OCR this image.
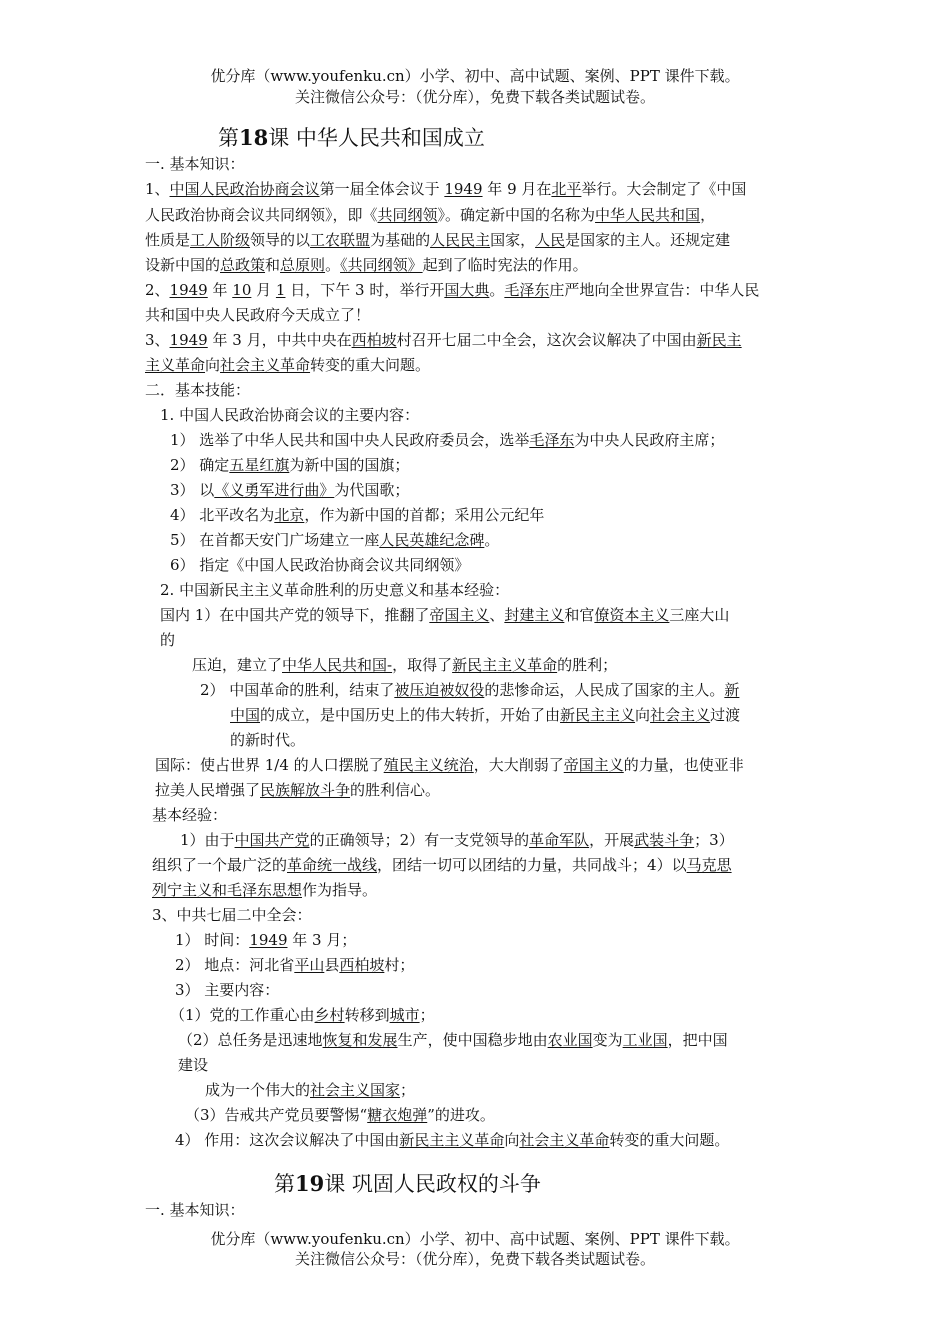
优分库（www.youfenku.cn）小学、初中、高中试题、案例、PPT 课件下载。
关注微信公众号：（优分库），免费下载各类试题试卷。
第18课 中华人民共和国成立
一. 基本知识：
1、中国人民政治协商会议第一届全体会议于 1949 年 9 月在北平举行。大会制定了《中国
人民政治协商会议共同纲领》，即《共同纲领》。确定新中国的名称为中华人民共和国，
性质是工人阶级领导的以工农联盟为基础的人民民主国家，人民是国家的主人。还规定建
设新中国的总政策和总原则。《共同纲领》起到了临时宪法的作用。
2、1949 年 10 月 1 日，下午 3 时，举行开国大典。毛泽东庄严地向全世界宣告：中华人民
共和国中央人民政府今天成立了！
3、1949 年 3 月，中共中央在西柏坡村召开七届二中全会，这次会议解决了中国由新民主
主义革命向社会主义革命转变的重大问题。
二．基本技能：
1. 中国人民政治协商会议的主要内容：
1） 选举了中华人民共和国中央人民政府委员会，选举毛泽东为中央人民政府主席；
2） 确定五星红旗为新中国的国旗；
3） 以《义勇军进行曲》为代国歌；
4） 北平改名为北京，作为新中国的首都；采用公元纪年
5） 在首都天安门广场建立一座人民英雄纪念碑。
6） 指定《中国人民政治协商会议共同纲领》
2. 中国新民主主义革命胜利的历史意义和基本经验：
国内 1）在中国共产党的领导下，推翻了帝国主义、封建主义和官僚资本主义三座大山
的
压迫，建立了中华人民共和国-，取得了新民主主义革命的胜利；
2） 中国革命的胜利，结束了被压迫被奴役的悲惨命运，人民成了国家的主人。新
中国的成立，是中国历史上的伟大转折，开始了由新民主主义向社会主义过渡
的新时代。
国际：使占世界 1/4 的人口摆脱了殖民主义统治，大大削弱了帝国主义的力量，也使亚非
拉美人民增强了民族解放斗争的胜利信心。
基本经验：
1）由于中国共产党的正确领导；2）有一支党领导的革命军队，开展武装斗争；3）
组织了一个最广泛的革命统一战线，团结一切可以团结的力量，共同战斗；4）以马克思
列宁主义和毛泽东思想作为指导。
3、中共七届二中全会：
1） 时间：1949 年 3 月；
2） 地点：河北省平山县西柏坡村；
3） 主要内容：
（1）党的工作重心由乡村转移到城市；
（2）总任务是迅速地恢复和发展生产，使中国稳步地由农业国变为工业国，把中国
建设
成为一个伟大的社会主义国家；
（3）告戒共产党员要警惕“糖衣炮弹”的进攻。
4） 作用：这次会议解决了中国由新民主主义革命向社会主义革命转变的重大问题。
第19课 巩固人民政权的斗争
一. 基本知识：
优分库（www.youfenku.cn）小学、初中、高中试题、案例、PPT 课件下载。
关注微信公众号：（优分库），免费下载各类试题试卷。
